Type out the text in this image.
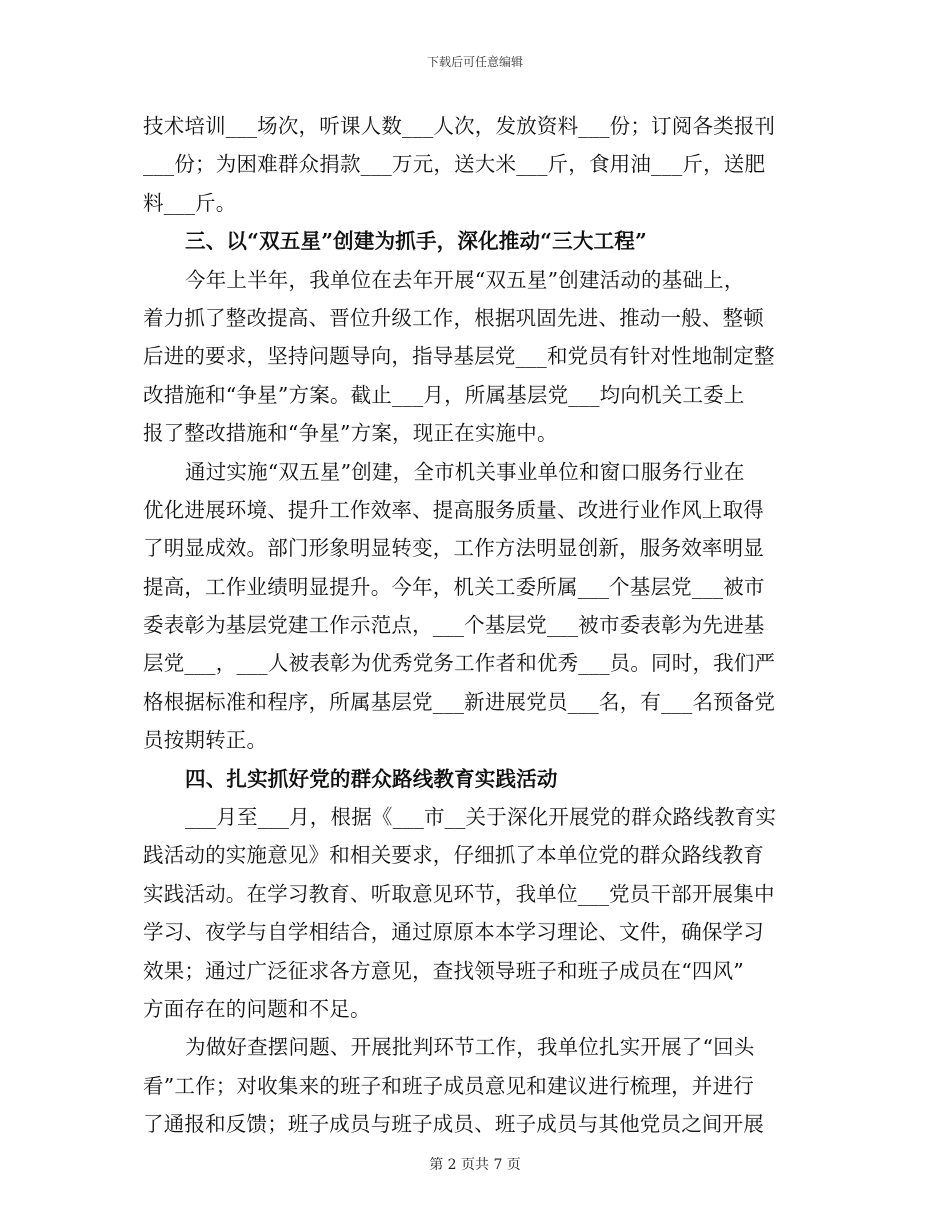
下载后可任意编辑
技术培训___场次，听课人数___人次，发放资料___份；订阅各类报刊
___份；为困难群众捐款___万元，送大米___斤，食用油___斤，送肥
料___斤。
三、以“双五星”创建为抓手，深化推动“三大工程”
今年上半年，我单位在去年开展“双五星”创建活动的基础上，
着力抓了整改提高、晋位升级工作，根据巩固先进、推动一般、整顿
后进的要求，坚持问题导向，指导基层党___和党员有针对性地制定整
改措施和“争星”方案。截止___月，所属基层党___均向机关工委上
报了整改措施和“争星”方案，现正在实施中。
通过实施“双五星”创建，全市机关事业单位和窗口服务行业在
优化进展环境、提升工作效率、提高服务质量、改进行业作风上取得
了明显成效。部门形象明显转变，工作方法明显创新，服务效率明显
提高，工作业绩明显提升。今年，机关工委所属___个基层党___被市
委表彰为基层党建工作示范点，___个基层党___被市委表彰为先进基
层党___，___人被表彰为优秀党务工作者和优秀___员。同时，我们严
格根据标准和程序，所属基层党___新进展党员___名，有___名预备党
员按期转正。
四、扎实抓好党的群众路线教育实践活动
___月至___月，根据《___市__关于深化开展党的群众路线教育实
践活动的实施意见》和相关要求，仔细抓了本单位党的群众路线教育
实践活动。在学习教育、听取意见环节，我单位___党员干部开展集中
学习、夜学与自学相结合，通过原原本本学习理论、文件，确保学习
效果；通过广泛征求各方意见，查找领导班子和班子成员在“四风”
方面存在的问题和不足。
为做好查摆问题、开展批判环节工作，我单位扎实开展了“回头
看”工作；对收集来的班子和班子成员意见和建议进行梳理，并进行
了通报和反馈；班子成员与班子成员、班子成员与其他党员之间开展
第 2 页共 7 页
